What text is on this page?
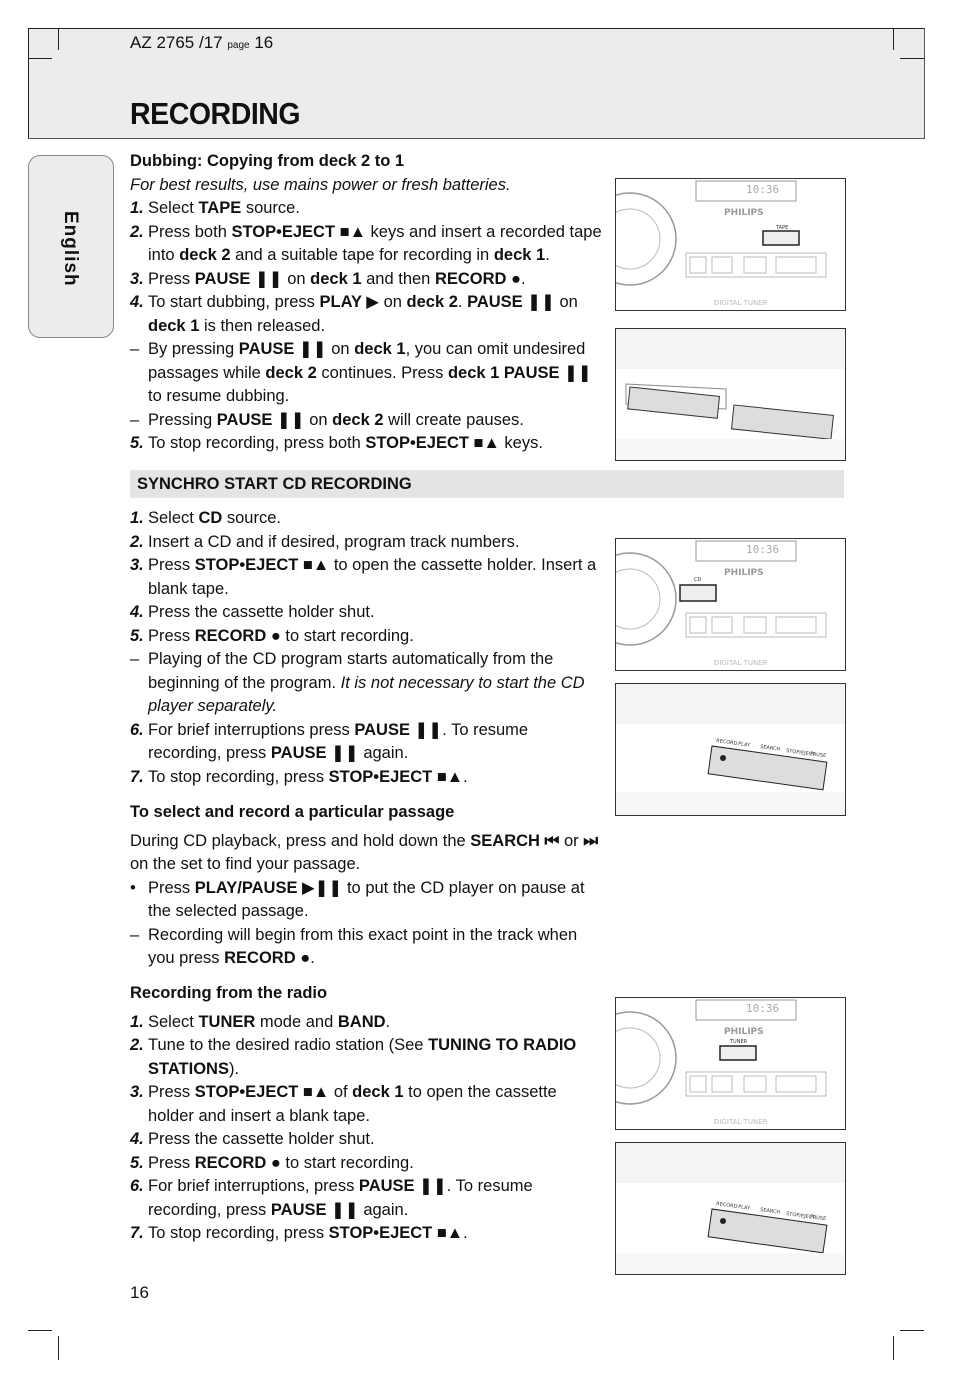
AZ 2765 /17 page 16
RECORDING
English

Dubbing: Copying from deck 2 to 1

For best results, use mains power or fresh batteries.

1. Select TAPE source.

2. Press both STOP•EJECT ■▲ keys and insert a recorded tape into deck 2 and a suitable tape for recording in deck 1.

3. Press PAUSE ❚❚ on deck 1 and then RECORD ●.

4. To start dubbing, press PLAY ▶ on deck 2. PAUSE ❚❚ on deck 1 is then released.

– By pressing PAUSE ❚❚ on deck 1, you can omit undesired passages while deck 2 continues. Press deck 1 PAUSE ❚❚ to resume dubbing.

– Pressing PAUSE ❚❚ on deck 2 will create pauses.

5. To stop recording, press both STOP•EJECT ■▲ keys.

SYNCHRO START CD RECORDING

1. Select CD source.

2. Insert a CD and if desired, program track numbers.

3. Press STOP•EJECT ■▲ to open the cassette holder. Insert a blank tape.

4. Press the cassette holder shut.

5. Press RECORD ● to start recording.

– Playing of the CD program starts automatically from the beginning of the program. It is not necessary to start the CD player separately.

6. For brief interruptions press PAUSE ❚❚. To resume recording, press PAUSE ❚❚ again.

7. To stop recording, press STOP•EJECT ■▲.

To select and record a particular passage

During CD playback, press and hold down the SEARCH ⏮ or ⏭ on the set to find your passage.

• Press PLAY/PAUSE ▶❚❚ to put the CD player on pause at the selected passage.

– Recording will begin from this exact point in the track when you press RECORD ●.

Recording from the radio

1. Select TUNER mode and BAND.

2. Tune to the desired radio station (See TUNING TO RADIO STATIONS).

3. Press STOP•EJECT ■▲ of deck 1 to open the cassette holder and insert a blank tape.

4. Press the cassette holder shut.

5. Press RECORD ● to start recording.

6. For brief interruptions, press PAUSE ❚❚. To resume recording, press PAUSE ❚❚ again.

7. To stop recording, press STOP•EJECT ■▲.

10:36
PHILIPS
TAPE
DIGITAL TUNER
10:36
PHILIPS
CD
DIGITAL TUNER
RECORD PLAY SEARCH STOP/EJECT
PAUSE
10:36
PHILIPS
TUNER
DIGITAL TUNER
RECORD PLAY SEARCH STOP/EJECT
PAUSE
16
